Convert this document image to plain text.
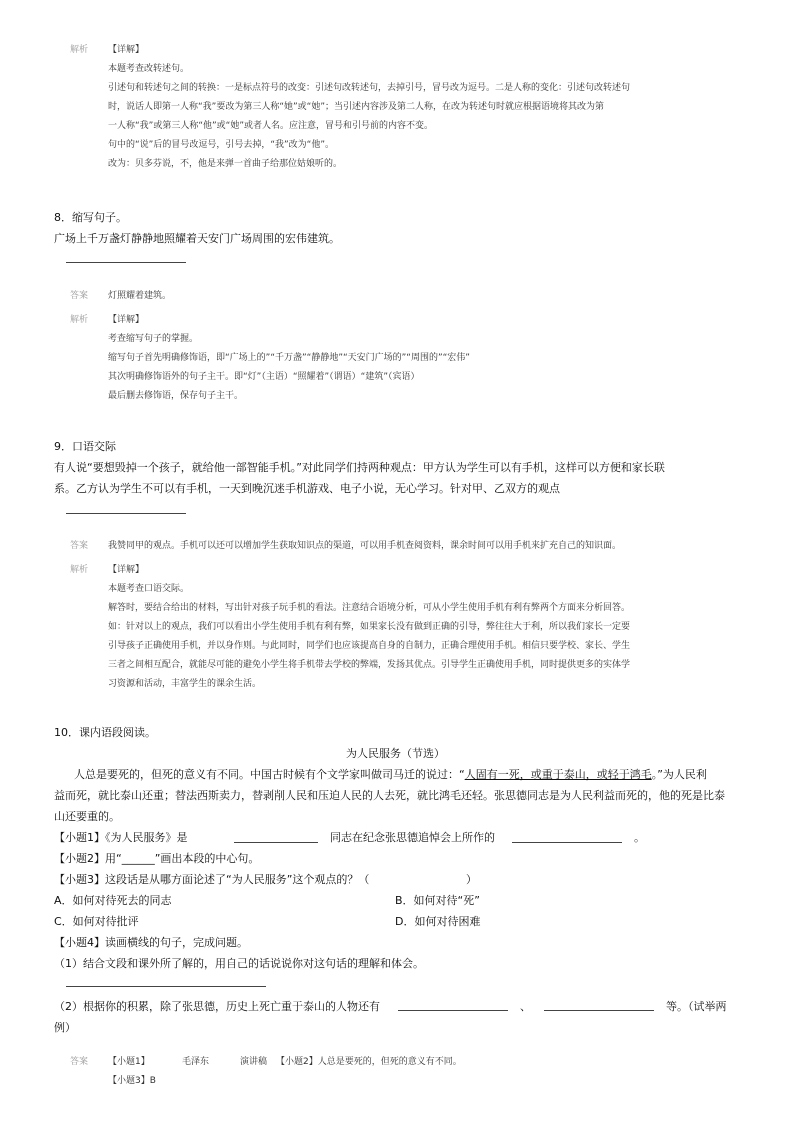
解析 【详解】
本题考查改转述句。
引述句和转述句之间的转换：一是标点符号的改变：引述句改转述句，去掉引号，冒号改为逗号。二是人称的变化：引述句改转述句
时，说话人即第一人称“我”要改为第三人称“她”或“她”；当引述内容涉及第二人称，在改为转述句时就应根据语境将其改为第
一人称“我”或第三人称“他”或“她”或者人名。应注意，冒号和引号前的内容不变。
句中的“说”后的冒号改逗号，引号去掉，“我”改为“他”。
改为：贝多芬说，不，他是来弹一首曲子给那位姑娘听的。
8．缩写句子。
广场上千万盏灯静静地照耀着天安门广场周围的宏伟建筑。
答案 灯照耀着建筑。
解析 【详解】
考查缩写句子的掌握。
缩写句子首先明确修饰语，即“广场上的”“千万盏”“静静地”“天安门广场的”“周围的”“宏伟”
其次明确修饰语外的句子主干。即“灯”（主语）“照耀着”（谓语）“建筑”（宾语）
最后删去修饰语，保存句子主干。
9．口语交际
有人说“要想毁掉一个孩子，就给他一部智能手机。”对此同学们持两种观点：甲方认为学生可以有手机，这样可以方便和家长联
系。乙方认为学生不可以有手机，一天到晚沉迷手机游戏、电子小说，无心学习。针对甲、乙双方的观点
答案 我赞同甲的观点。手机可以还可以增加学生获取知识点的渠道，可以用手机查阅资料，课余时间可以用手机来扩充自己的知识面。
解析 【详解】
本题考查口语交际。
解答时，要结合给出的材料，写出针对孩子玩手机的看法。注意结合语境分析，可从小学生使用手机有利有弊两个方面来分析回答。
如：针对以上的观点，我们可以看出小学生使用手机有利有弊，如果家长没有做到正确的引导，弊往往大于利，所以我们家长一定要
引导孩子正确使用手机，并以身作则。与此同时，同学们也应该提高自身的自制力，正确合理使用手机。相信只要学校、家长、学生
三者之间相互配合，就能尽可能的避免小学生将手机带去学校的弊端，发扬其优点。引导学生正确使用手机，同时提供更多的实体学
习资源和活动，丰富学生的课余生活。
10．课内语段阅读。
为人民服务（节选）
人总是要死的，但死的意义有不同。中国古时候有个文学家叫做司马迁的说过：“人固有一死，或重于泰山，或轻于鸿毛。”为人民利
益而死，就比泰山还重；替法西斯卖力，替剥削人民和压迫人民的人去死，就比鸿毛还轻。张思德同志是为人民利益而死的，他的死是比泰
山还要重的。
【小题1】《为人民服务》是	同志在纪念张思德追悼会上所作的	。
【小题2】用“______”画出本段的中心句。
【小题3】这段话是从哪方面论述了“为人民服务”这个观点的？（	）
A．如何对待死去的同志	B．如何对待“死”
C．如何对待批评	D．如何对待困难
【小题4】读画横线的句子，完成问题。
（1）结合文段和课外所了解的，用自己的话说说你对这句话的理解和体会。
（2）根据你的积累，除了张思德，历史上死亡重于泰山的人物还有	、	等。（试举两
例）
答案 【小题1】	毛泽东	演讲稿 【小题2】人总是要死的，但死的意义有不同。
【小题3】B
